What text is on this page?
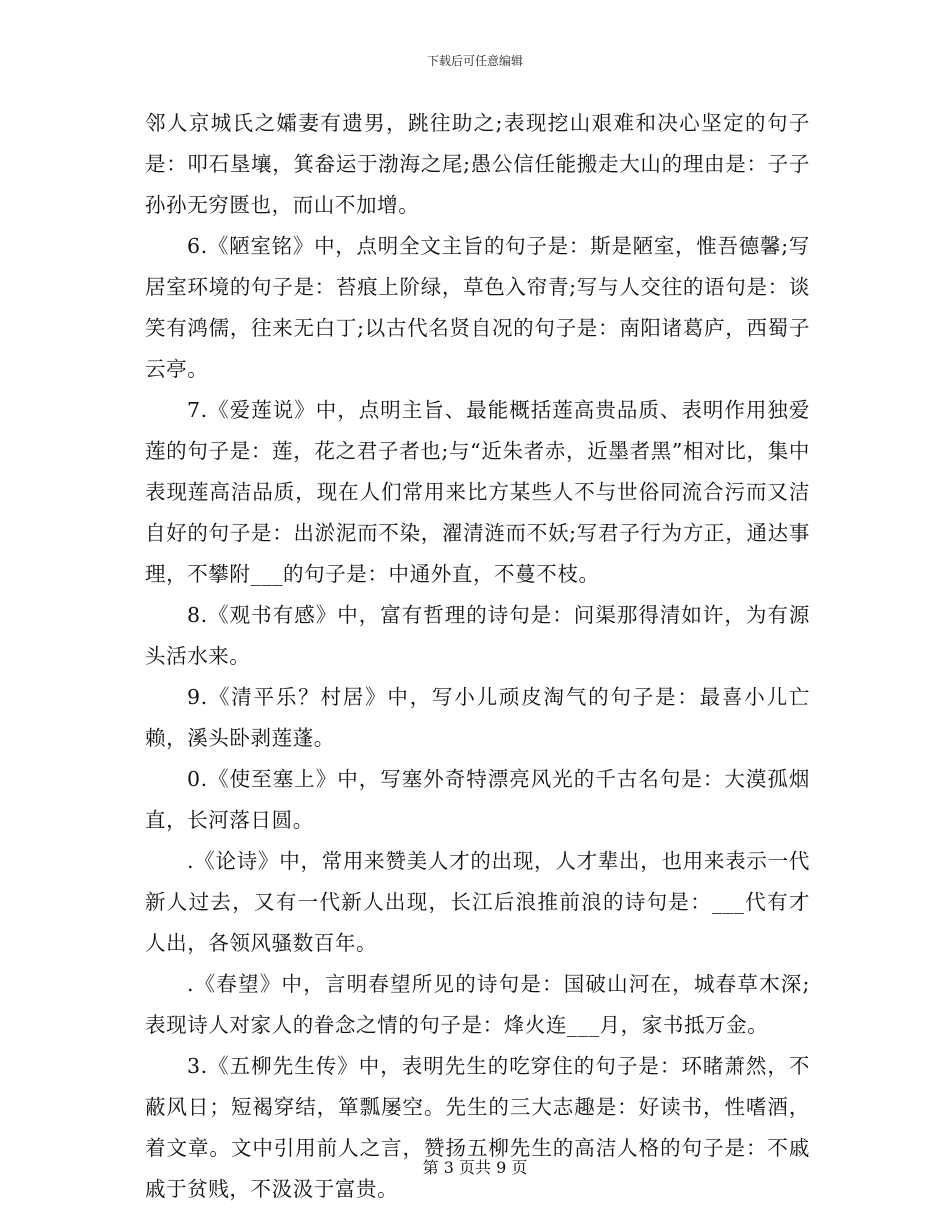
下载后可任意编辑

邻人京城氏之孀妻有遗男，跳往助之;表现挖山艰难和决心坚定的句子是：叩石垦壤，箕畚运于渤海之尾;愚公信任能搬走大山的理由是：子子孙孙无穷匮也，而山不加增。

6.《陋室铭》中，点明全文主旨的句子是：斯是陋室，惟吾德馨;写居室环境的句子是：苔痕上阶绿，草色入帘青;写与人交往的语句是：谈笑有鸿儒，往来无白丁;以古代名贤自况的句子是：南阳诸葛庐，西蜀子云亭。

7.《爱莲说》中，点明主旨、最能概括莲高贵品质、表明作用独爱莲的句子是：莲，花之君子者也;与“近朱者赤，近墨者黑”相对比，集中表现莲高洁品质，现在人们常用来比方某些人不与世俗同流合污而又洁自好的句子是：出淤泥而不染，濯清涟而不妖;写君子行为方正，通达事理，不攀附___的句子是：中通外直，不蔓不枝。

8.《观书有感》中，富有哲理的诗句是：问渠那得清如许，为有源头活水来。

9.《清平乐？村居》中，写小儿顽皮淘气的句子是：最喜小儿亡赖，溪头卧剥莲蓬。

0.《使至塞上》中，写塞外奇特漂亮风光的千古名句是：大漠孤烟直，长河落日圆。

.《论诗》中，常用来赞美人才的出现，人才辈出，也用来表示一代新人过去，又有一代新人出现，长江后浪推前浪的诗句是：___代有才人出，各领风骚数百年。

.《春望》中，言明春望所见的诗句是：国破山河在，城春草木深;表现诗人对家人的眷念之情的句子是：烽火连___月，家书抵万金。

3.《五柳先生传》中，表明先生的吃穿住的句子是：环睹萧然，不蔽风日；短褐穿结，箪瓢屡空。先生的三大志趣是：好读书，性嗜酒，着文章。文中引用前人之言，赞扬五柳先生的高洁人格的句子是：不戚戚于贫贱，不汲汲于富贵。

第 3 页共 9 页
